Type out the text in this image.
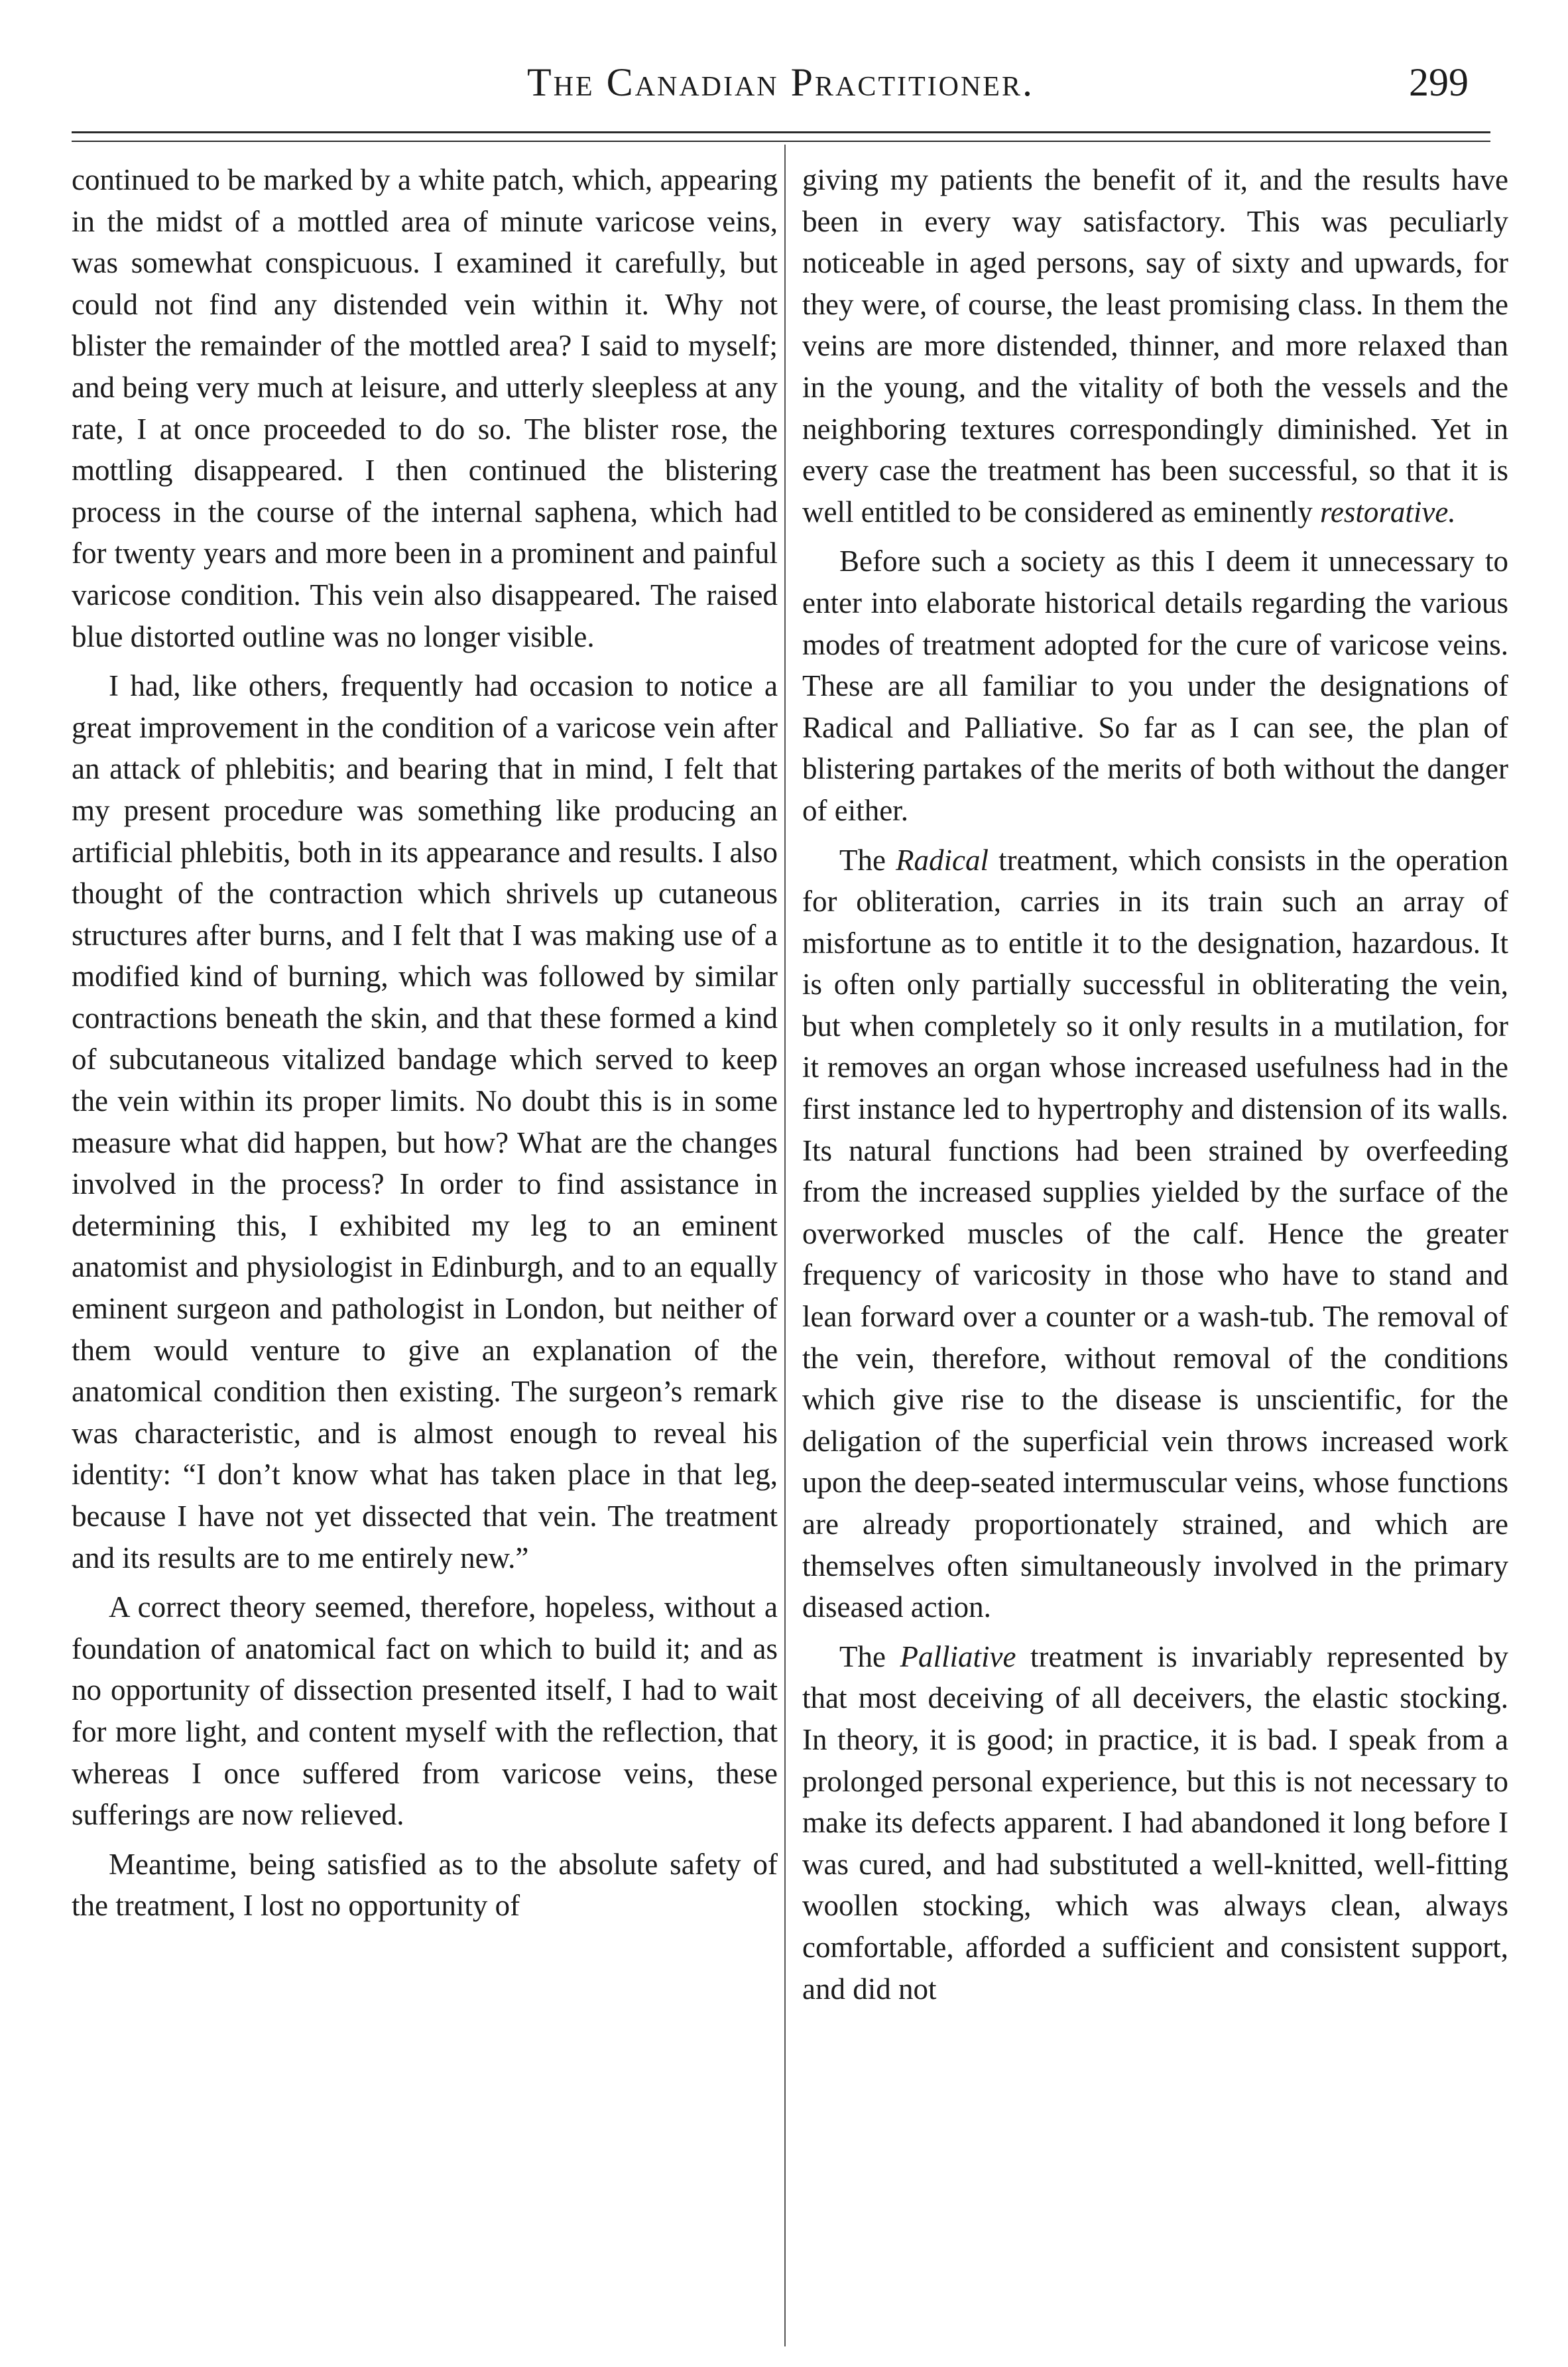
The Canadian Practitioner.	299

continued to be marked by a white patch, which, appearing in the midst of a mottled area of minute varicose veins, was somewhat conspicuous. I examined it carefully, but could not find any distended vein within it. Why not blister the remainder of the mottled area? I said to myself; and being very much at leisure, and utterly sleepless at any rate, I at once proceeded to do so. The blister rose, the mottling disappeared. I then continued the blistering process in the course of the internal saphena, which had for twenty years and more been in a prominent and painful varicose condition. This vein also disappeared. The raised blue distorted outline was no longer visible.

I had, like others, frequently had occasion to notice a great improvement in the condition of a varicose vein after an attack of phlebitis; and bearing that in mind, I felt that my present procedure was something like producing an artificial phlebitis, both in its appearance and results. I also thought of the contraction which shrivels up cutaneous structures after burns, and I felt that I was making use of a modified kind of burning, which was followed by similar contractions beneath the skin, and that these formed a kind of subcutaneous vitalized bandage which served to keep the vein within its proper limits. No doubt this is in some measure what did happen, but how? What are the changes involved in the process? In order to find assistance in determining this, I exhibited my leg to an eminent anatomist and physiologist in Edinburgh, and to an equally eminent surgeon and pathologist in London, but neither of them would venture to give an explanation of the anatomical condition then existing. The surgeon’s remark was characteristic, and is almost enough to reveal his identity: “I don’t know what has taken place in that leg, because I have not yet dissected that vein. The treatment and its results are to me entirely new.”

A correct theory seemed, therefore, hopeless, without a foundation of anatomical fact on which to build it; and as no opportunity of dissection presented itself, I had to wait for more light, and content myself with the reflection, that whereas I once suffered from varicose veins, these sufferings are now relieved.

Meantime, being satisfied as to the absolute safety of the treatment, I lost no opportunity of

giving my patients the benefit of it, and the results have been in every way satisfactory. This was peculiarly noticeable in aged persons, say of sixty and upwards, for they were, of course, the least promising class. In them the veins are more distended, thinner, and more relaxed than in the young, and the vitality of both the vessels and the neighboring textures correspondingly diminished. Yet in every case the treatment has been successful, so that it is well entitled to be considered as eminently restorative.

Before such a society as this I deem it unnecessary to enter into elaborate historical details regarding the various modes of treatment adopted for the cure of varicose veins. These are all familiar to you under the designations of Radical and Palliative. So far as I can see, the plan of blistering partakes of the merits of both without the danger of either.

The Radical treatment, which consists in the operation for obliteration, carries in its train such an array of misfortune as to entitle it to the designation, hazardous. It is often only partially successful in obliterating the vein, but when completely so it only results in a mutilation, for it removes an organ whose increased usefulness had in the first instance led to hypertrophy and distension of its walls. Its natural functions had been strained by overfeeding from the increased supplies yielded by the surface of the overworked muscles of the calf. Hence the greater frequency of varicosity in those who have to stand and lean forward over a counter or a wash-tub. The removal of the vein, therefore, without removal of the conditions which give rise to the disease is unscientific, for the deligation of the superficial vein throws increased work upon the deep-seated intermuscular veins, whose functions are already proportionately strained, and which are themselves often simultaneously involved in the primary diseased action.

The Palliative treatment is invariably represented by that most deceiving of all deceivers, the elastic stocking. In theory, it is good; in practice, it is bad. I speak from a prolonged personal experience, but this is not necessary to make its defects apparent. I had abandoned it long before I was cured, and had substituted a well-knitted, well-fitting woollen stocking, which was always clean, always comfortable, afforded a sufficient and consistent support, and did not
